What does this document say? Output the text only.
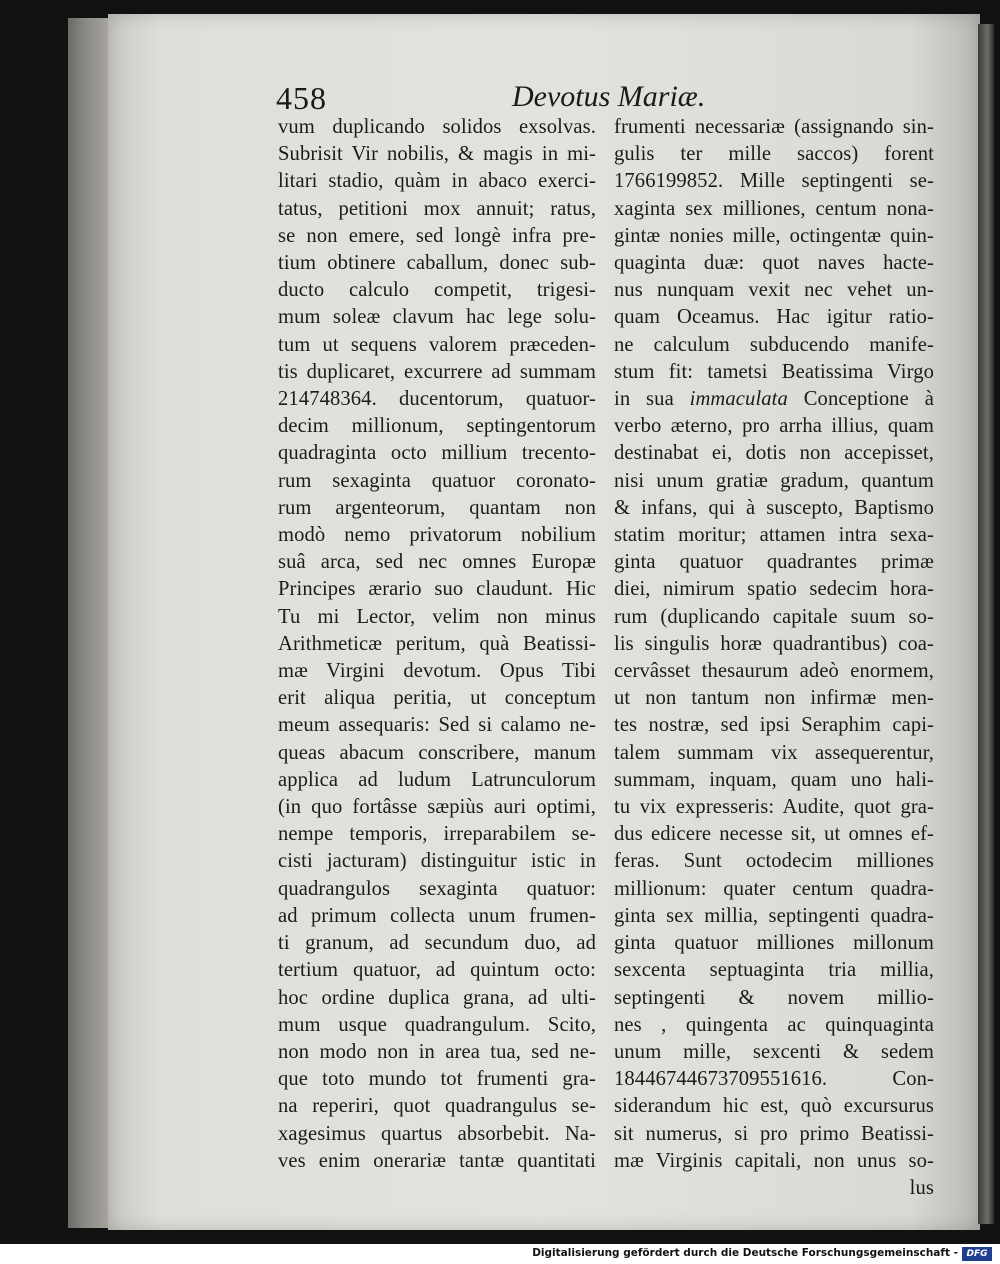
458	Devotus Mariæ.
vum duplicando solidos exsolvas.
Subrisit Vir nobilis, & magis in mi-
litari stadio, quàm in abaco exerci-
tatus, petitioni mox annuit; ratus,
se non emere, sed longè infra pre-
tium obtinere caballum, donec sub-
ducto calculo competit, trigesi-
mum soleæ clavum hac lege solu-
tum ut sequens valorem præceden-
tis duplicaret, excurrere ad summam
214748364. ducentorum, quatuor-
decim millionum, septingentorum
quadraginta octo millium trecento-
rum sexaginta quatuor coronato-
rum argenteorum, quantam non
modò nemo privatorum nobilium
suâ arca, sed nec omnes Europæ
Principes ærario suo claudunt. Hic
Tu mi Lector, velim non minus
Arithmeticæ peritum, quà Beatissi-
mæ Virgini devotum. Opus Tibi
erit aliqua peritia, ut conceptum
meum assequaris: Sed si calamo ne-
queas abacum conscribere, manum
applica ad ludum Latrunculorum
(in quo fortâsse sæpiùs auri optimi,
nempe temporis, irreparabilem se-
cisti jacturam) distinguitur istic in
quadrangulos sexaginta quatuor:
ad primum collecta unum frumen-
ti granum, ad secundum duo, ad
tertium quatuor, ad quintum octo:
hoc ordine duplica grana, ad ulti-
mum usque quadrangulum. Scito,
non modo non in area tua, sed ne-
que toto mundo tot frumenti gra-
na reperiri, quot quadrangulus se-
xagesimus quartus absorbebit. Na-
ves enim onerariæ tantæ quantitati
frumenti necessariæ (assignando sin-
gulis ter mille saccos) forent
1766199852. Mille septingenti se-
xaginta sex milliones, centum nona-
gintæ nonies mille, octingentæ quin-
quaginta duæ: quot naves hacte-
nus nunquam vexit nec vehet un-
quam Oceamus. Hac igitur ratio-
ne calculum subducendo manife-
stum fit: tametsi Beatissima Virgo
in sua immaculata Conceptione à
verbo æterno, pro arrha illius, quam
destinabat ei, dotis non accepisset,
nisi unum gratiæ gradum, quantum
& infans, qui à suscepto, Baptismo
statim moritur; attamen intra sexa-
ginta quatuor quadrantes primæ
diei, nimirum spatio sedecim hora-
rum (duplicando capitale suum so-
lis singulis horæ quadrantibus) coa-
cervâsset thesaurum adeò enormem,
ut non tantum non infirmæ men-
tes nostræ, sed ipsi Seraphim capi-
talem summam vix assequerentur,
summam, inquam, quam uno hali-
tu vix expresseris: Audite, quot gra-
dus edicere necesse sit, ut omnes ef-
feras. Sunt octodecim milliones
millionum: quater centum quadra-
ginta sex millia, septingenti quadra-
ginta quatuor milliones millonum
sexcenta septuaginta tria millia,
septingenti & novem millio-
nes , quingenta ac quinquaginta
unum mille, sexcenti & sedem
18446744673709551616. Con-
siderandum hic est, quò excursurus
sit numerus, si pro primo Beatissi-
mæ Virginis capitali, non unus so-
lus
Digitalisierung gefördert durch die Deutsche Forschungsgemeinschaft - DFG
